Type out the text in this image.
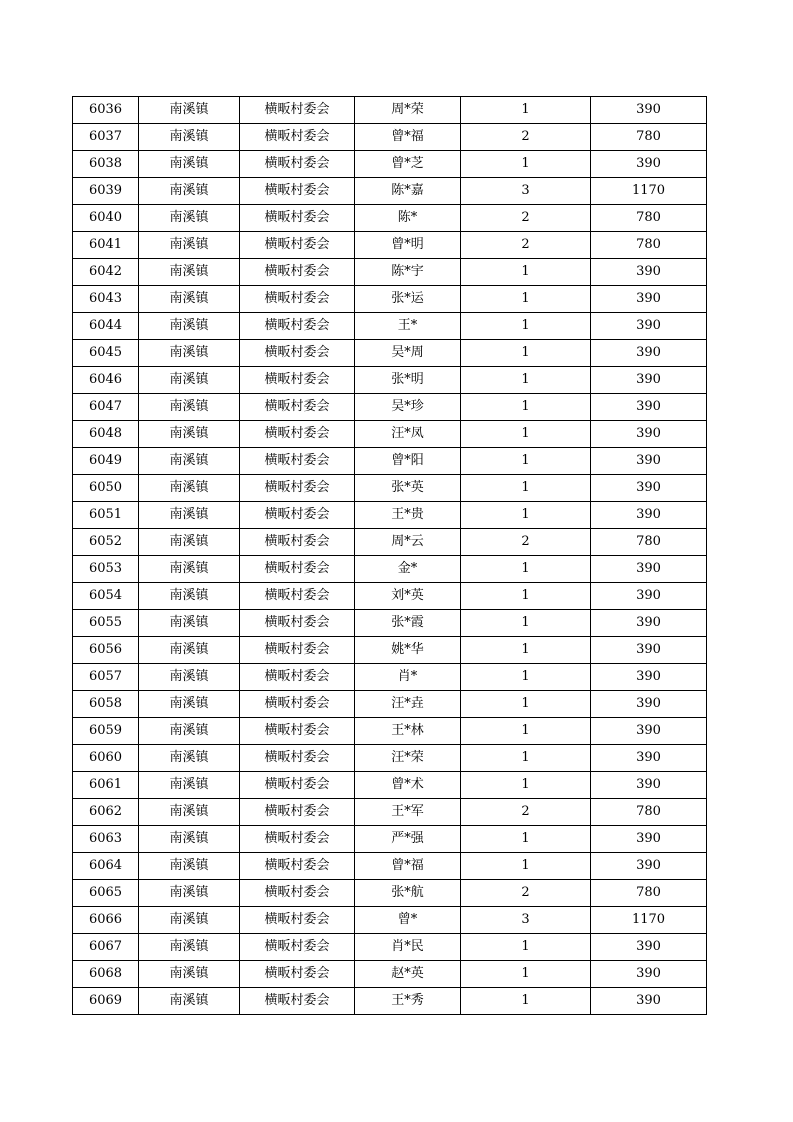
6036	南溪镇	横畈村委会	周*荣	1	390
6037	南溪镇	横畈村委会	曾*福	2	780
6038	南溪镇	横畈村委会	曾*芝	1	390
6039	南溪镇	横畈村委会	陈*嘉	3	1170
6040	南溪镇	横畈村委会	陈*	2	780
6041	南溪镇	横畈村委会	曾*明	2	780
6042	南溪镇	横畈村委会	陈*宇	1	390
6043	南溪镇	横畈村委会	张*运	1	390
6044	南溪镇	横畈村委会	王*	1	390
6045	南溪镇	横畈村委会	吴*周	1	390
6046	南溪镇	横畈村委会	张*明	1	390
6047	南溪镇	横畈村委会	吴*珍	1	390
6048	南溪镇	横畈村委会	汪*凤	1	390
6049	南溪镇	横畈村委会	曾*阳	1	390
6050	南溪镇	横畈村委会	张*英	1	390
6051	南溪镇	横畈村委会	王*贵	1	390
6052	南溪镇	横畈村委会	周*云	2	780
6053	南溪镇	横畈村委会	金*	1	390
6054	南溪镇	横畈村委会	刘*英	1	390
6055	南溪镇	横畈村委会	张*霞	1	390
6056	南溪镇	横畈村委会	姚*华	1	390
6057	南溪镇	横畈村委会	肖*	1	390
6058	南溪镇	横畈村委会	汪*垚	1	390
6059	南溪镇	横畈村委会	王*林	1	390
6060	南溪镇	横畈村委会	汪*荣	1	390
6061	南溪镇	横畈村委会	曾*术	1	390
6062	南溪镇	横畈村委会	王*军	2	780
6063	南溪镇	横畈村委会	严*强	1	390
6064	南溪镇	横畈村委会	曾*福	1	390
6065	南溪镇	横畈村委会	张*航	2	780
6066	南溪镇	横畈村委会	曾*	3	1170
6067	南溪镇	横畈村委会	肖*民	1	390
6068	南溪镇	横畈村委会	赵*英	1	390
6069	南溪镇	横畈村委会	王*秀	1	390
